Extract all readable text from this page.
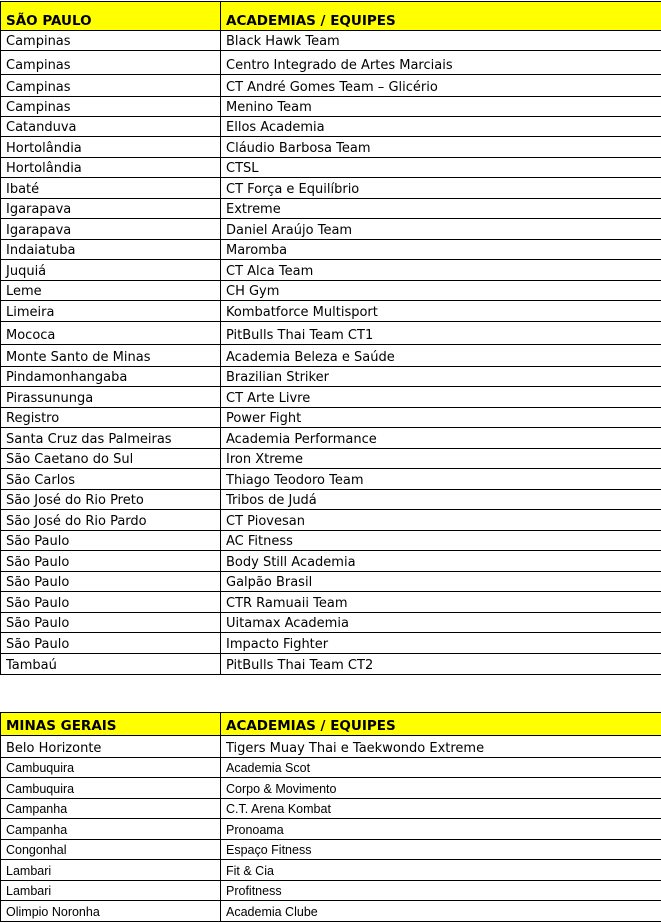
SÃO PAULO	ACADEMIAS / EQUIPES
Campinas	Black Hawk Team
Campinas	Centro Integrado de Artes Marciais
Campinas	CT André Gomes Team – Glicério
Campinas	Menino Team
Catanduva	Ellos Academia
Hortolândia	Cláudio Barbosa Team
Hortolândia	CTSL
Ibaté	CT Força e Equilíbrio
Igarapava	Extreme
Igarapava	Daniel Araújo Team
Indaiatuba	Maromba
Juquiá	CT Alca Team
Leme	CH Gym
Limeira	Kombatforce Multisport
Mococa	PitBulls Thai Team CT1
Monte Santo de Minas	Academia Beleza e Saúde
Pindamonhangaba	Brazilian Striker
Pirassununga	CT Arte Livre
Registro	Power Fight
Santa Cruz das Palmeiras	Academia Performance
São Caetano do Sul	Iron Xtreme
São Carlos	Thiago Teodoro Team
São José do Rio Preto	Tribos de Judá
São José do Rio Pardo	CT Piovesan
São Paulo	AC Fitness
São Paulo	Body Still Academia
São Paulo	Galpão Brasil
São Paulo	CTR Ramuaii Team
São Paulo	Uitamax Academia
São Paulo	Impacto Fighter
Tambaú	PitBulls Thai Team CT2
MINAS GERAIS	ACADEMIAS / EQUIPES
Belo Horizonte	Tigers Muay Thai e Taekwondo Extreme
Cambuquira	Academia Scot
Cambuquira	Corpo & Movimento
Campanha	C.T. Arena Kombat
Campanha	Pronoama
Congonhal	Espaço Fitness
Lambari	Fit & Cia
Lambari	Profitness
Olimpio Noronha	Academia Clube
